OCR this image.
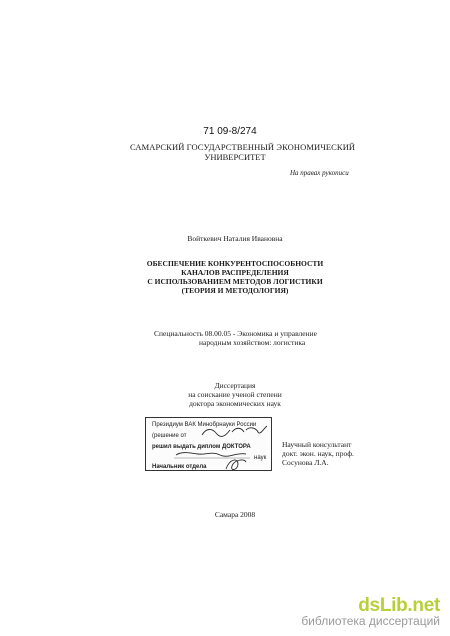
71 09-8/274
САМАРСКИЙ ГОСУДАРСТВЕННЫЙ ЭКОНОМИЧЕСКИЙ
УНИВЕРСИТЕТ
На правах рукописи
Войткевич Наталия Ивановна
ОБЕСПЕЧЕНИЕ КОНКУРЕНТОСПОСОБНОСТИ
КАНАЛОВ РАСПРЕДЕЛЕНИЯ
С ИСПОЛЬЗОВАНИЕМ МЕТОДОВ ЛОГИСТИКИ
(ТЕОРИЯ И МЕТОДОЛОГИЯ)
Специальность 08.00.05 - Экономика и управление
народным хозяйством: логистика
Диссертация
на соискание ученой степени
доктора экономических наук
Президиум ВАК Минобрнауки России
(решение от
решил выдать диплом ДОКТОРА
наук
Начальник отдела
Научный консультант
докт. экон. наук, проф.
Сосунова Л.А.
Самара 2008
dsLib.net
библиотека диссертаций
